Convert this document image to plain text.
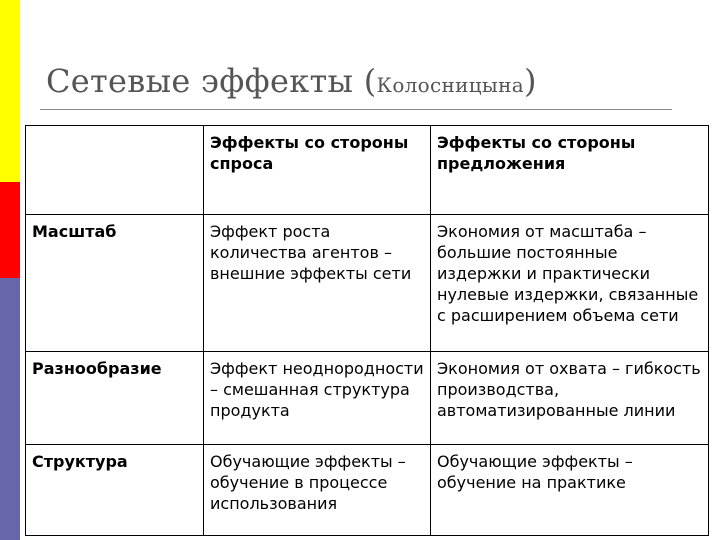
Сетевые эффекты (Колосницына)
	Эффекты со стороны спроса	Эффекты со стороны предложения
Масштаб	Эффект роста количества агентов – внешние эффекты сети	Экономия от масштаба – большие постоянные издержки и практически нулевые издержки, связанные с расширением объема сети
Разнообразие	Эффект неоднородности – смешанная структура продукта	Экономия от охвата – гибкость производства, автоматизированные линии
Структура	Обучающие эффекты – обучение в процессе использования	Обучающие эффекты – обучение на практике
